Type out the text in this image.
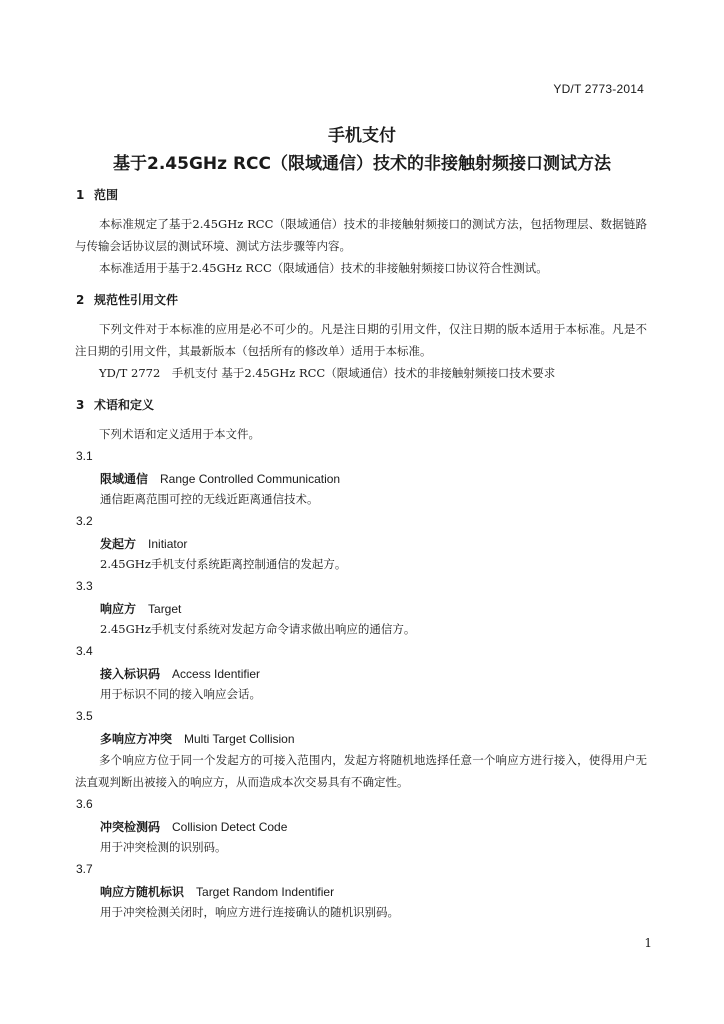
YD/T 2773-2014
手机支付
基于2.45GHz RCC（限域通信）技术的非接触射频接口测试方法
1 范围
本标准规定了基于2.45GHz RCC（限域通信）技术的非接触射频接口的测试方法，包括物理层、数据链路与传输会话协议层的测试环境、测试方法步骤等内容。
本标准适用于基于2.45GHz RCC（限域通信）技术的非接触射频接口协议符合性测试。
2 规范性引用文件
下列文件对于本标准的应用是必不可少的。凡是注日期的引用文件，仅注日期的版本适用于本标准。凡是不注日期的引用文件，其最新版本（包括所有的修改单）适用于本标准。
YD/T 2772　手机支付 基于2.45GHz RCC（限域通信）技术的非接触射频接口技术要求
3 术语和定义
下列术语和定义适用于本文件。
3.1
限域通信 Range Controlled Communication
通信距离范围可控的无线近距离通信技术。
3.2
发起方 Initiator
2.45GHz手机支付系统距离控制通信的发起方。
3.3
响应方 Target
2.45GHz手机支付系统对发起方命令请求做出响应的通信方。
3.4
接入标识码 Access Identifier
用于标识不同的接入响应会话。
3.5
多响应方冲突 Multi Target Collision
多个响应方位于同一个发起方的可接入范围内，发起方将随机地选择任意一个响应方进行接入，使得用户无法直观判断出被接入的响应方，从而造成本次交易具有不确定性。
3.6
冲突检测码 Collision Detect Code
用于冲突检测的识别码。
3.7
响应方随机标识 Target Random Indentifier
用于冲突检测关闭时，响应方进行连接确认的随机识别码。
1
